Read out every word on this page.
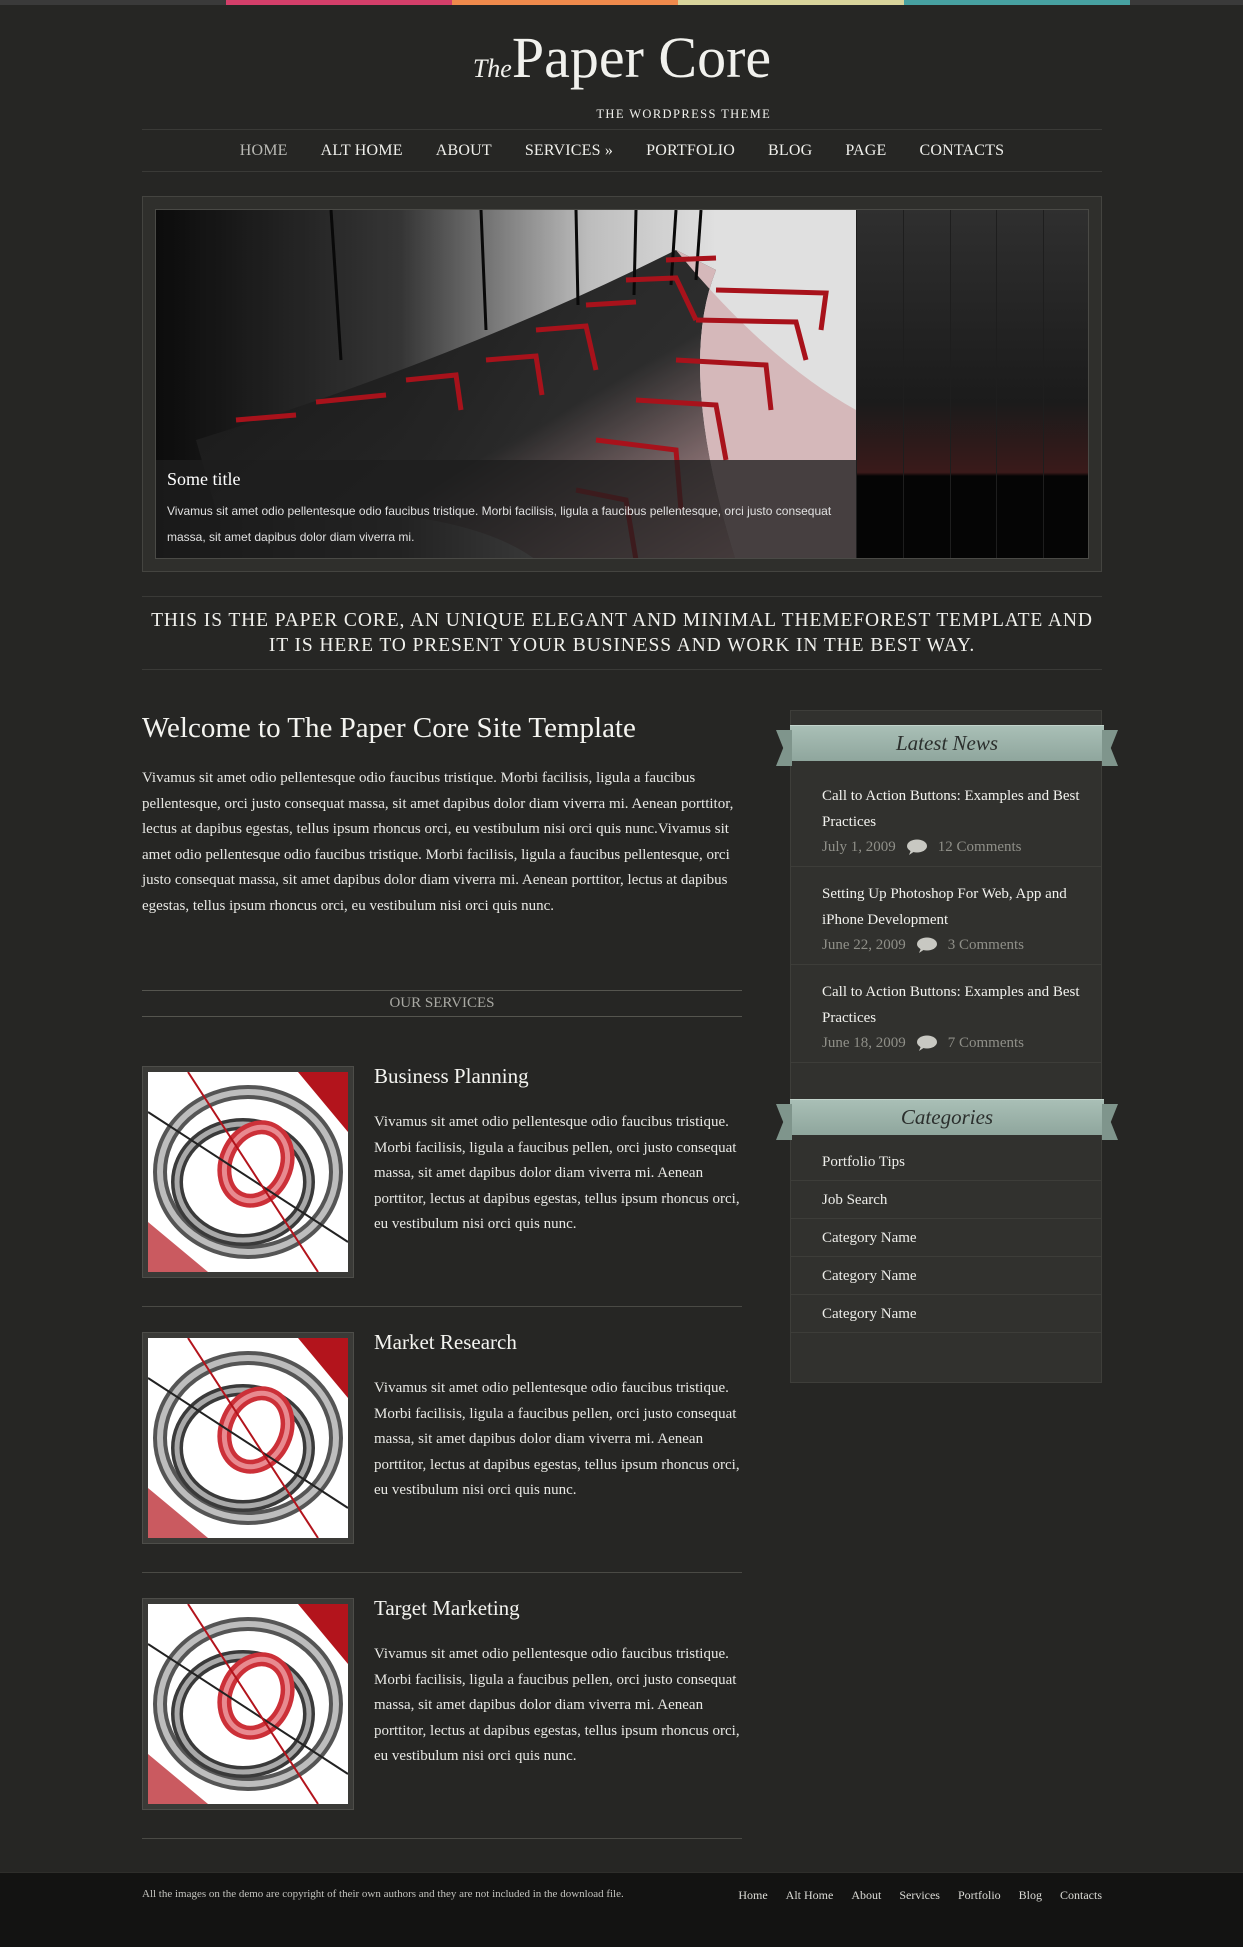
ThePaper Core
THE WORDPRESS THEME
HOME	ALT HOME	ABOUT	SERVICES »	PORTFOLIO	BLOG	PAGE	CONTACTS
Some title

Vivamus sit amet odio pellentesque odio faucibus tristique. Morbi facilisis, ligula a faucibus pellentesque, orci justo consequat massa, sit amet dapibus dolor diam viverra mi.

THIS IS THE PAPER CORE, AN UNIQUE ELEGANT AND MINIMAL THEMEFOREST TEMPLATE AND IT IS HERE TO PRESENT YOUR BUSINESS AND WORK IN THE BEST WAY.
Welcome to The Paper Core Site Template

Vivamus sit amet odio pellentesque odio faucibus tristique. Morbi facilisis, ligula a faucibus pellentesque, orci justo consequat massa, sit amet dapibus dolor diam viverra mi. Aenean porttitor, lectus at dapibus egestas, tellus ipsum rhoncus orci, eu vestibulum nisi orci quis nunc.Vivamus sit amet odio pellentesque odio faucibus tristique. Morbi facilisis, ligula a faucibus pellentesque, orci justo consequat massa, sit amet dapibus dolor diam viverra mi. Aenean porttitor, lectus at dapibus egestas, tellus ipsum rhoncus orci, eu vestibulum nisi orci quis nunc.

OUR SERVICES
Business Planning

Vivamus sit amet odio pellentesque odio faucibus tristique. Morbi facilisis, ligula a faucibus pellen, orci justo consequat massa, sit amet dapibus dolor diam viverra mi. Aenean porttitor, lectus at dapibus egestas, tellus ipsum rhoncus orci, eu vestibulum nisi orci quis nunc.

Market Research

Vivamus sit amet odio pellentesque odio faucibus tristique. Morbi facilisis, ligula a faucibus pellen, orci justo consequat massa, sit amet dapibus dolor diam viverra mi. Aenean porttitor, lectus at dapibus egestas, tellus ipsum rhoncus orci, eu vestibulum nisi orci quis nunc.

Target Marketing

Vivamus sit amet odio pellentesque odio faucibus tristique. Morbi facilisis, ligula a faucibus pellen, orci justo consequat massa, sit amet dapibus dolor diam viverra mi. Aenean porttitor, lectus at dapibus egestas, tellus ipsum rhoncus orci, eu vestibulum nisi orci quis nunc.

Latest News
Call to Action Buttons: Examples and Best Practices
July 1, 2009	12 Comments
Setting Up Photoshop For Web, App and iPhone Development
June 22, 2009	3 Comments
Call to Action Buttons: Examples and Best Practices
June 18, 2009	7 Comments
Categories
Portfolio Tips
Job Search
Category Name
Category Name
Category Name
All the images on the demo are copyright of their own authors and they are not included in the download file.	Home Alt Home About Services Portfolio Blog Contacts
